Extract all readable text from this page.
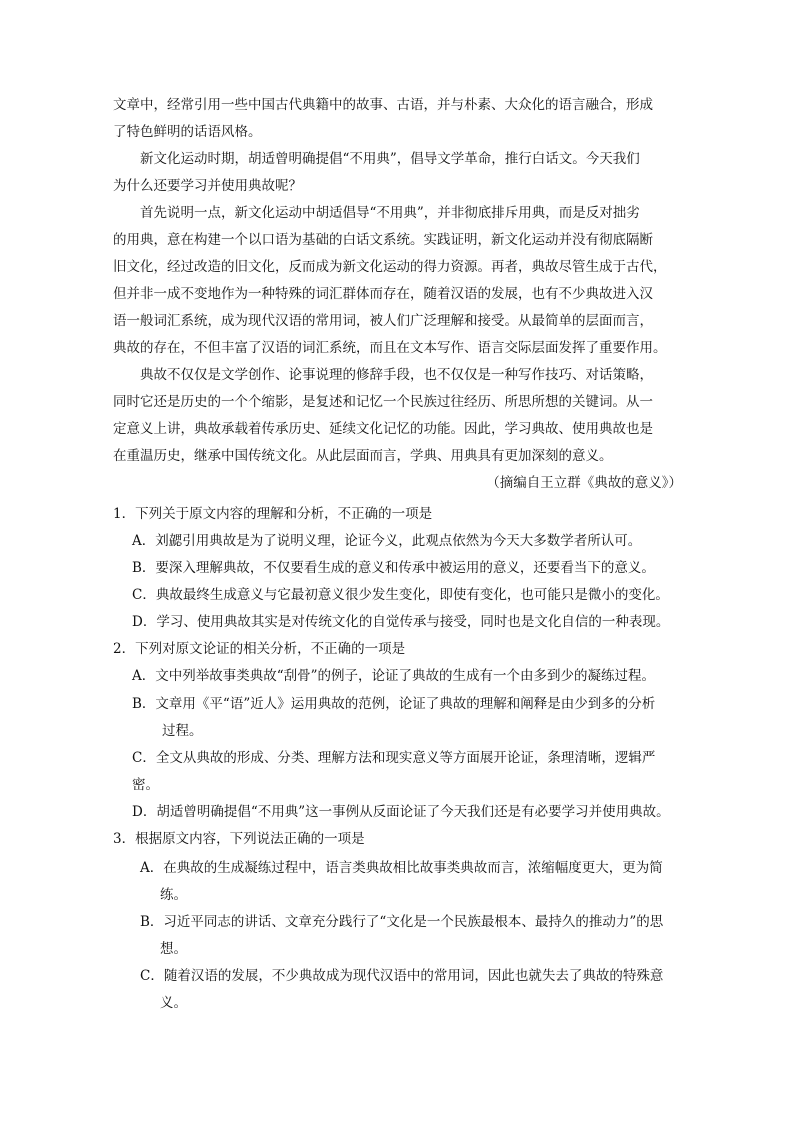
文章中，经常引用一些中国古代典籍中的故事、古语，并与朴素、大众化的语言融合，形成
了特色鲜明的话语风格。
新文化运动时期，胡适曾明确提倡“不用典”，倡导文学革命，推行白话文。今天我们
为什么还要学习并使用典故呢？
首先说明一点，新文化运动中胡适倡导“不用典”，并非彻底排斥用典，而是反对拙劣
的用典，意在构建一个以口语为基础的白话文系统。实践证明，新文化运动并没有彻底隔断
旧文化，经过改造的旧文化，反而成为新文化运动的得力资源。再者，典故尽管生成于古代，
但并非一成不变地作为一种特殊的词汇群体而存在，随着汉语的发展，也有不少典故进入汉
语一般词汇系统，成为现代汉语的常用词，被人们广泛理解和接受。从最简单的层面而言，
典故的存在，不但丰富了汉语的词汇系统，而且在文本写作、语言交际层面发挥了重要作用。
典故不仅仅是文学创作、论事说理的修辞手段，也不仅仅是一种写作技巧、对话策略，
同时它还是历史的一个个缩影，是复述和记忆一个民族过往经历、所思所想的关键词。从一
定意义上讲，典故承载着传承历史、延续文化记忆的功能。因此，学习典故、使用典故也是
在重温历史，继承中国传统文化。从此层面而言，学典、用典具有更加深刻的意义。
（摘编自王立群《典故的意义》）
1．下列关于原文内容的理解和分析，不正确的一项是
A．刘勰引用典故是为了说明义理，论证今义，此观点依然为今天大多数学者所认可。
B．要深入理解典故，不仅要看生成的意义和传承中被运用的意义，还要看当下的意义。
C．典故最终生成意义与它最初意义很少发生变化，即使有变化，也可能只是微小的变化。
D．学习、使用典故其实是对传统文化的自觉传承与接受，同时也是文化自信的一种表现。
2．下列对原文论证的相关分析，不正确的一项是
A．文中列举故事类典故“刮骨”的例子，论证了典故的生成有一个由多到少的凝练过程。
B．文章用《平“语”近人》运用典故的范例，论证了典故的理解和阐释是由少到多的分析
过程。
C．全文从典故的形成、分类、理解方法和现实意义等方面展开论证，条理清晰，逻辑严
密。
D．胡适曾明确提倡“不用典”这一事例从反面论证了今天我们还是有必要学习并使用典故。
3．根据原文内容，下列说法正确的一项是
A．在典故的生成凝练过程中，语言类典故相比故事类典故而言，浓缩幅度更大，更为简
练。
B．习近平同志的讲话、文章充分践行了“文化是一个民族最根本、最持久的推动力”的思
想。
C．随着汉语的发展，不少典故成为现代汉语中的常用词，因此也就失去了典故的特殊意
义。
